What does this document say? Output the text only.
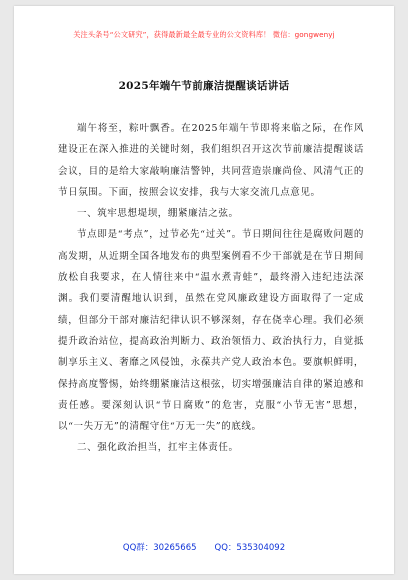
关注头条号“公文研究”，获得最新最全最专业的公文资料库！ 微信：gongwenyj
2025年端午节前廉洁提醒谈话讲话

端午将至，粽叶飘香。在2025年端午节即将来临之际，在作风建设正在深入推进的关键时刻，我们组织召开这次节前廉洁提醒谈话会议，目的是给大家敲响廉洁警钟，共同营造崇廉尚俭、风清气正的节日氛围。下面，按照会议安排，我与大家交流几点意见。

一、筑牢思想堤坝，绷紧廉洁之弦。

节点即是“考点”，过节必先“过关”。节日期间往往是腐败问题的高发期，从近期全国各地发布的典型案例看不少干部就是在节日期间放松自我要求，在人情往来中“温水煮青蛙”，最终滑入违纪违法深渊。我们要清醒地认识到，虽然在党风廉政建设方面取得了一定成绩，但部分干部对廉洁纪律认识不够深刻，存在侥幸心理。我们必须提升政治站位，提高政治判断力、政治领悟力、政治执行力，自觉抵制享乐主义、奢靡之风侵蚀，永葆共产党人政治本色。要旗帜鲜明，保持高度警惕，始终绷紧廉洁这根弦，切实增强廉洁自律的紧迫感和责任感。要深刻认识“节日腐败”的危害，克服“小节无害”思想，以“一失万无”的清醒守住“万无一失”的底线。

二、强化政治担当，扛牢主体责任。

QQ群：30265665 QQ：535304092
